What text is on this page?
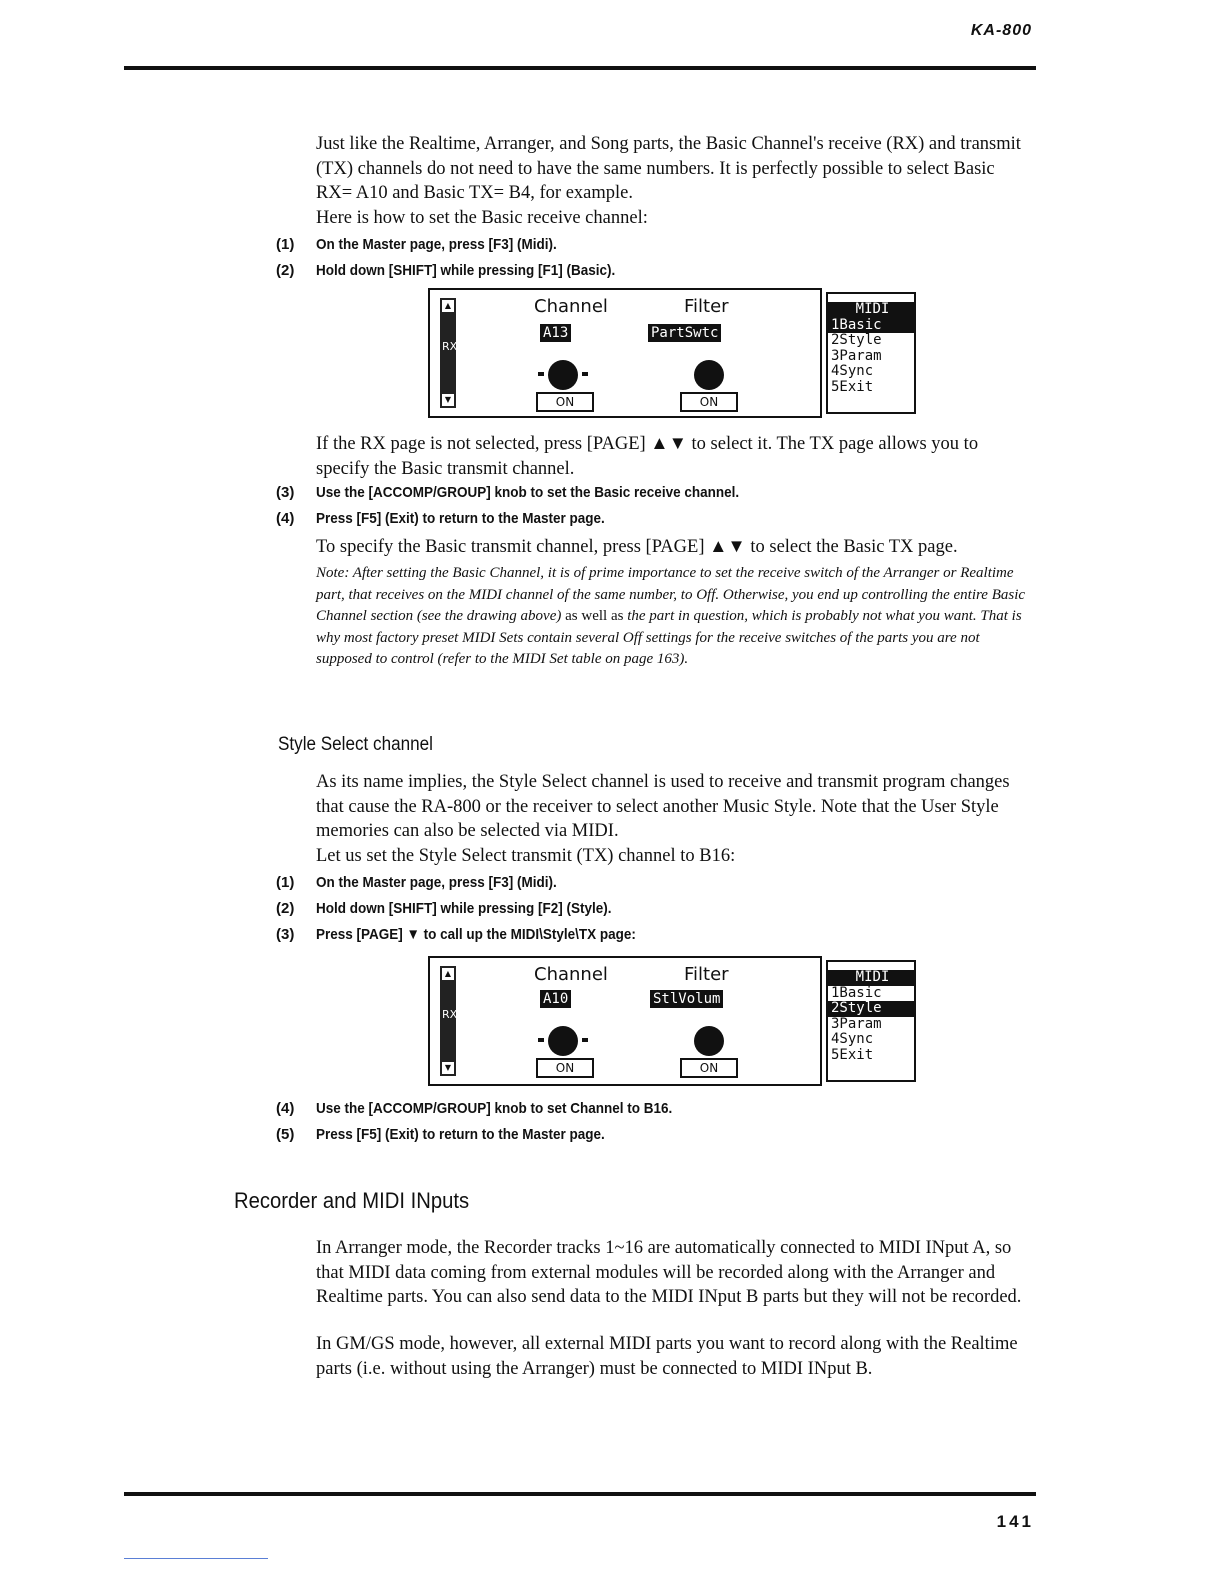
KA-800
Just like the Realtime, Arranger, and Song parts, the Basic Channel's receive (RX) and transmit (TX) channels do not need to have the same numbers. It is perfectly possible to select Basic RX= A10 and Basic TX= B4, for example.
Here is how to set the Basic receive channel:
(1) On the Master page, press [F3] (Midi).
(2) Hold down [SHIFT] while pressing [F1] (Basic).
▲
RX
▼
Channel	Filter
A13	PartSwtc
ON	ON
MIDI
1Basic
2Style
3Param
4Sync
5Exit
If the RX page is not selected, press [PAGE] ▲▼ to select it. The TX page allows you to specify the Basic transmit channel.
(3) Use the [ACCOMP/GROUP] knob to set the Basic receive channel.
(4) Press [F5] (Exit) to return to the Master page.
To specify the Basic transmit channel, press [PAGE] ▲▼ to select the Basic TX page.
Note: After setting the Basic Channel, it is of prime importance to set the receive switch of the Arranger or Realtime part, that receives on the MIDI channel of the same number, to Off. Otherwise, you end up controlling the entire Basic Channel section (see the drawing above) as well as the part in question, which is probably not what you want. That is why most factory preset MIDI Sets contain several Off settings for the receive switches of the parts you are not supposed to control (refer to the MIDI Set table on page 163).
Style Select channel
As its name implies, the Style Select channel is used to receive and transmit program changes that cause the RA-800 or the receiver to select another Music Style. Note that the User Style memories can also be selected via MIDI.
Let us set the Style Select transmit (TX) channel to B16:
(1) On the Master page, press [F3] (Midi).
(2) Hold down [SHIFT] while pressing [F2] (Style).
(3) Press [PAGE] ▼ to call up the MIDI\Style\TX page:
▲
RX
▼
Channel	Filter
A10	StlVolum
ON	ON
MIDI
1Basic
2Style
3Param
4Sync
5Exit
(4) Use the [ACCOMP/GROUP] knob to set Channel to B16.
(5) Press [F5] (Exit) to return to the Master page.
Recorder and MIDI INputs
In Arranger mode, the Recorder tracks 1~16 are automatically connected to MIDI INput A, so that MIDI data coming from external modules will be recorded along with the Arranger and Realtime parts. You can also send data to the MIDI INput B parts but they will not be recorded.
In GM/GS mode, however, all external MIDI parts you want to record along with the Realtime parts (i.e. without using the Arranger) must be connected to MIDI INput B.
141
